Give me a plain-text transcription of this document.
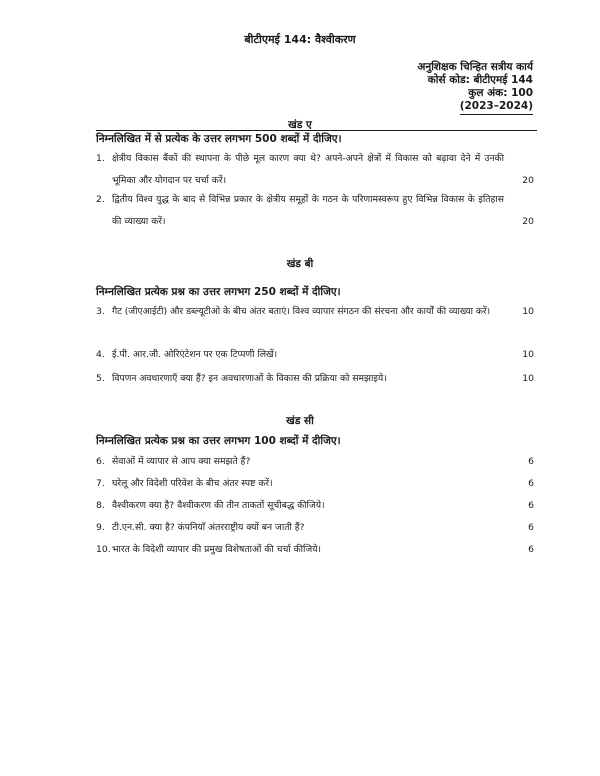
बीटीएमई 144: वैश्वीकरण
अनुशिक्षक चिन्हित सत्रीय कार्य
कोर्स कोड: बीटीएमई 144
कुल अंक: 100
(2023–2024)
खंड ए
निम्नलिखित में से प्रत्येक के उत्तर लगभग 500 शब्दों में दीजिए।
1. क्षेत्रीय विकास बैंकों की स्थापना के पीछे मूल कारण क्या थे? अपने-अपने क्षेत्रों में विकास को बढ़ावा देने में उनकी भूमिका और योगदान पर चर्चा करें।	20
2. द्वितीय विश्व युद्ध के बाद से विभिन्न प्रकार के क्षेत्रीय समूहों के गठन के परिणामस्वरूप हुए विभिन्न विकास के इतिहास की व्याख्या करें।	20
खंड बी
निम्नलिखित प्रत्येक प्रश्न का उत्तर लगभग 250 शब्दों में दीजिए।
3. गैट (जीएआईटी) और डब्ल्यूटीओ के बीच अंतर बताएं। विश्व व्यापार संगठन की संरचना और कार्यों की व्याख्या करें।	10
4. ई.पी. आर.जी. ओरिएंटेशन पर एक टिप्पणी लिखें।	10
5. विपणन अवधारणाएँ क्या हैं? इन अवधारणाओं के विकास की प्रक्रिया को समझाइये।	10
खंड सी
निम्नलिखित प्रत्येक प्रश्न का उत्तर लगभग 100 शब्दों में दीजिए।
6. सेवाओं में व्यापार से आप क्या समझते हैं?	6
7. घरेलू और विदेशी परिवेश के बीच अंतर स्पष्ट करें।	6
8. वैश्वीकरण क्या है? वैश्वीकरण की तीन ताकतों सूचीबद्ध कीजिये।	6
9. टी.एन.सी. क्या है? कंपनियाँ अंतरराष्ट्रीय क्यों बन जाती हैं?	6
10. भारत के विदेशी व्यापार की प्रमुख विशेषताओं की चर्चा कीजिये।	6
